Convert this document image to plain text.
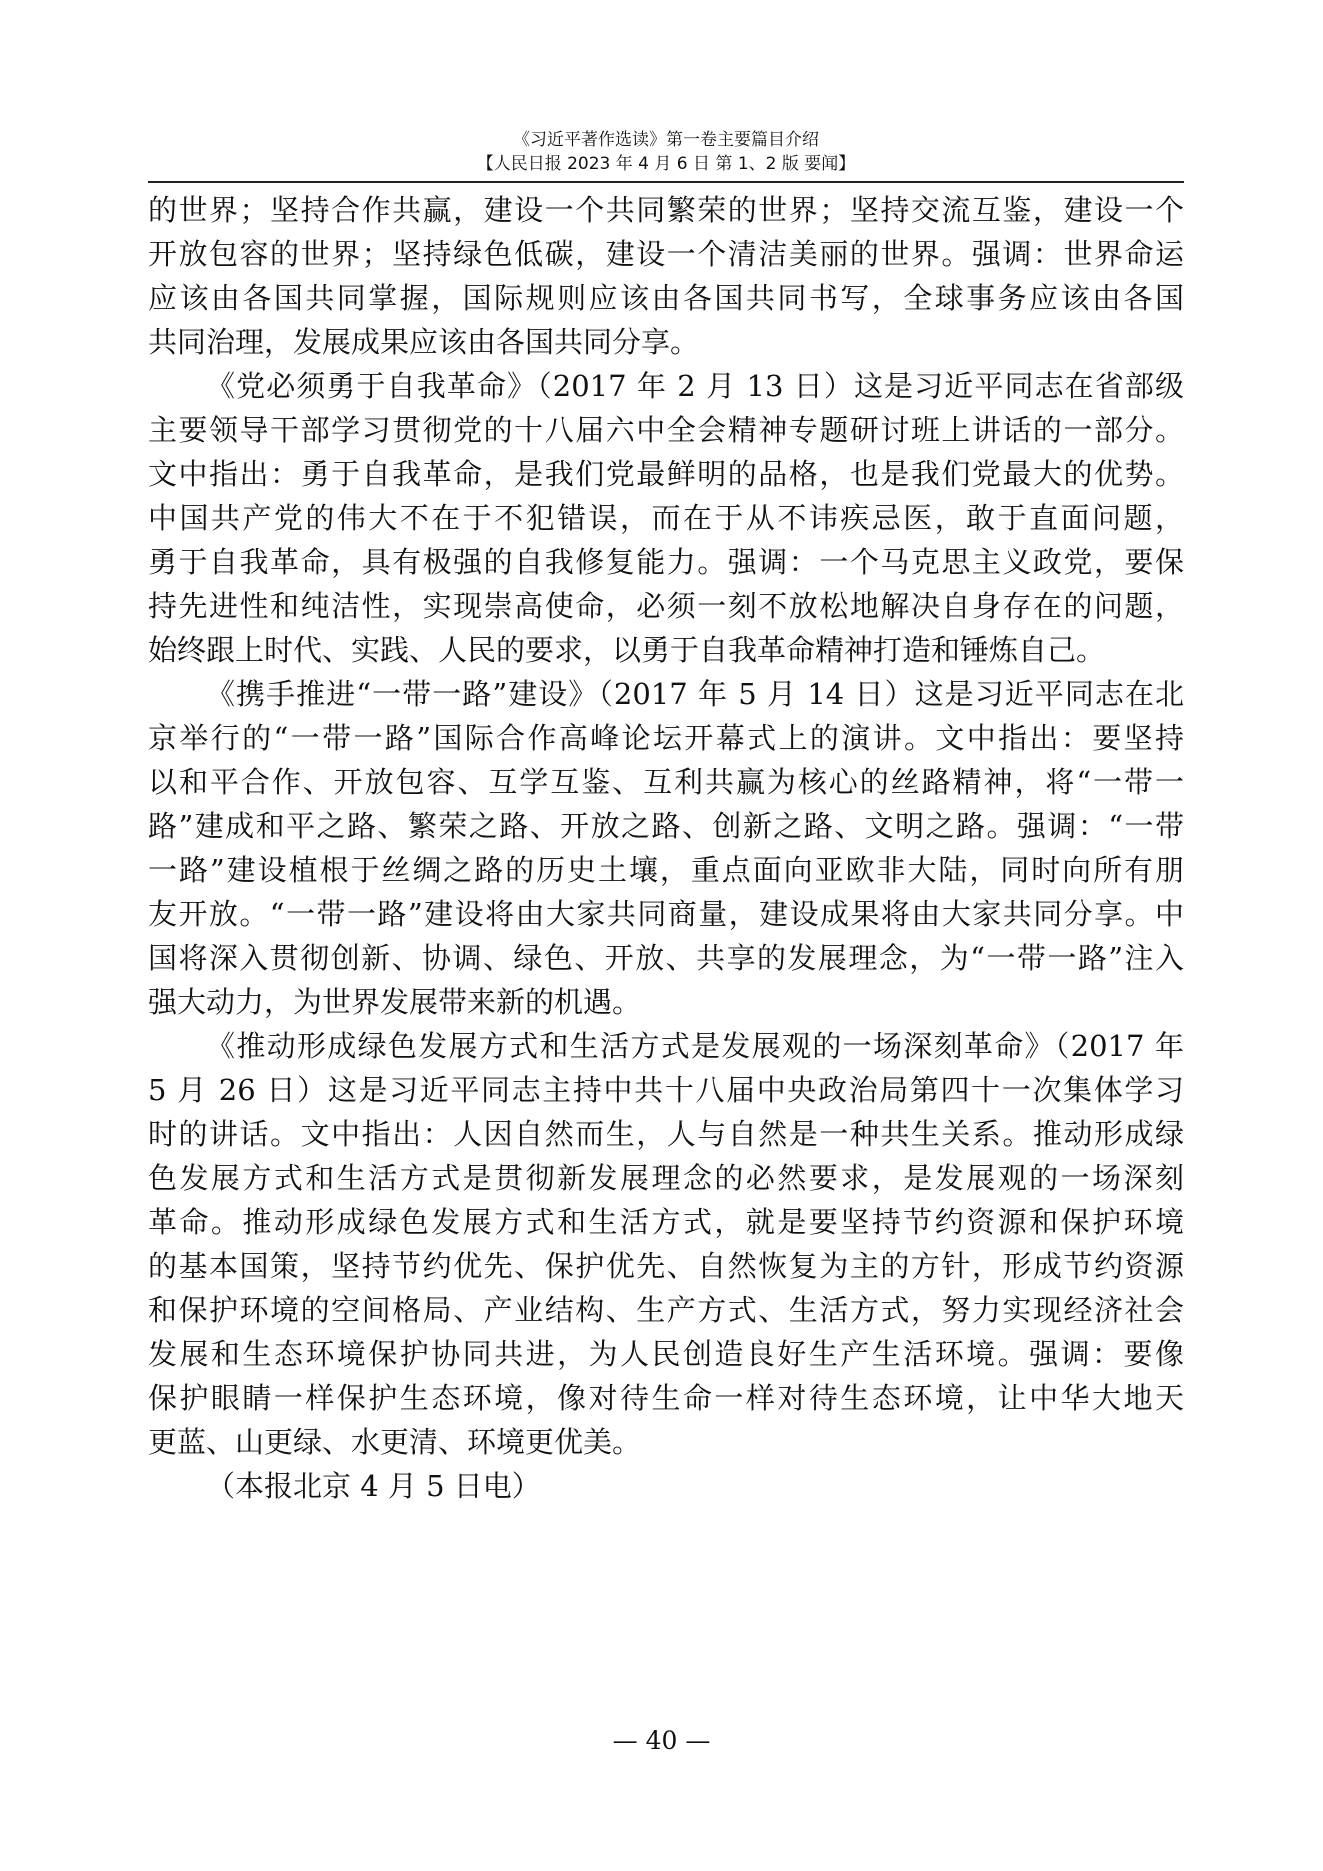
《习近平著作选读》第一卷主要篇目介绍
【人民日报 2023 年 4 月 6 日 第 1、2 版 要闻】
的世界；坚持合作共赢，建设一个共同繁荣的世界；坚持交流互鉴，建设一个
开放包容的世界；坚持绿色低碳，建设一个清洁美丽的世界。强调：世界命运
应该由各国共同掌握，国际规则应该由各国共同书写，全球事务应该由各国
共同治理，发展成果应该由各国共同分享。
《党必须勇于自我革命》（2017 年 2 月 13 日）这是习近平同志在省部级
主要领导干部学习贯彻党的十八届六中全会精神专题研讨班上讲话的一部分。
文中指出：勇于自我革命，是我们党最鲜明的品格，也是我们党最大的优势。
中国共产党的伟大不在于不犯错误，而在于从不讳疾忌医，敢于直面问题，
勇于自我革命，具有极强的自我修复能力。强调：一个马克思主义政党，要保
持先进性和纯洁性，实现崇高使命，必须一刻不放松地解决自身存在的问题，
始终跟上时代、实践、人民的要求，以勇于自我革命精神打造和锤炼自己。
《携手推进“一带一路”建设》（2017 年 5 月 14 日）这是习近平同志在北
京举行的“一带一路”国际合作高峰论坛开幕式上的演讲。文中指出：要坚持
以和平合作、开放包容、互学互鉴、互利共赢为核心的丝路精神，将“一带一
路”建成和平之路、繁荣之路、开放之路、创新之路、文明之路。强调：“一带
一路”建设植根于丝绸之路的历史土壤，重点面向亚欧非大陆，同时向所有朋
友开放。“一带一路”建设将由大家共同商量，建设成果将由大家共同分享。中
国将深入贯彻创新、协调、绿色、开放、共享的发展理念，为“一带一路”注入
强大动力，为世界发展带来新的机遇。
《推动形成绿色发展方式和生活方式是发展观的一场深刻革命》（2017 年
5 月 26 日）这是习近平同志主持中共十八届中央政治局第四十一次集体学习
时的讲话。文中指出：人因自然而生，人与自然是一种共生关系。推动形成绿
色发展方式和生活方式是贯彻新发展理念的必然要求，是发展观的一场深刻
革命。推动形成绿色发展方式和生活方式，就是要坚持节约资源和保护环境
的基本国策，坚持节约优先、保护优先、自然恢复为主的方针，形成节约资源
和保护环境的空间格局、产业结构、生产方式、生活方式，努力实现经济社会
发展和生态环境保护协同共进，为人民创造良好生产生活环境。强调：要像
保护眼睛一样保护生态环境，像对待生命一样对待生态环境，让中华大地天
更蓝、山更绿、水更清、环境更优美。
（本报北京 4 月 5 日电）
— 40 —
